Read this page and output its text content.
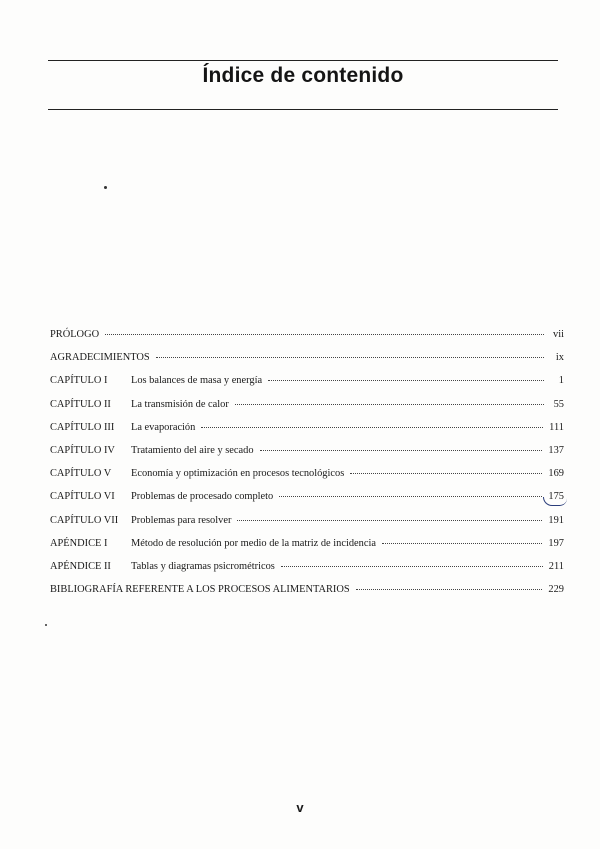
Índice de contenido
PRÓLOGO	vii
AGRADECIMIENTOS	ix
CAPÍTULO I	Los balances de masa y energía	1
CAPÍTULO II	La transmisión de calor	55
CAPÍTULO III	La evaporación	111
CAPÍTULO IV	Tratamiento del aire y secado	137
CAPÍTULO V	Economía y optimización en procesos tecnológicos	169
CAPÍTULO VI	Problemas de procesado completo	175
CAPÍTULO VII	Problemas para resolver	191
APÉNDICE I	Método de resolución por medio de la matriz de incidencia	197
APÉNDICE II	Tablas y diagramas psicrométricos	211
BIBLIOGRAFÍA REFERENTE A LOS PROCESOS ALIMENTARIOS	229
v
